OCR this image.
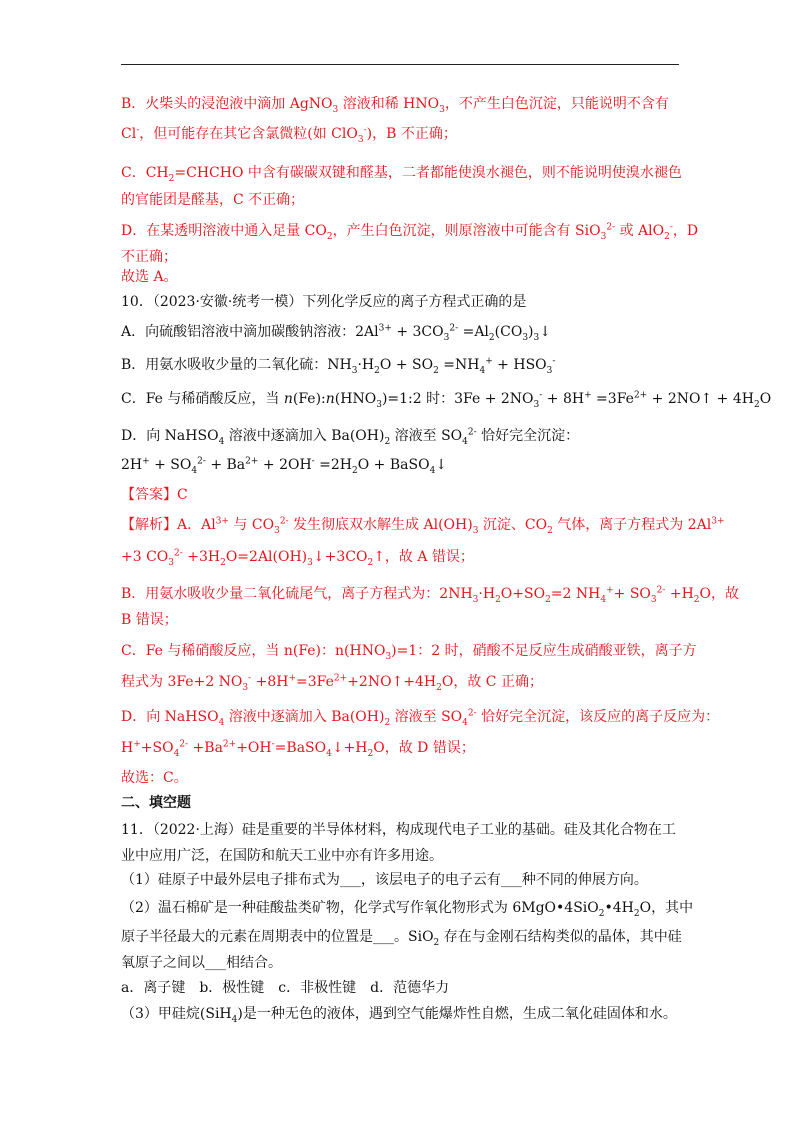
B．火柴头的浸泡液中滴加 AgNO$_3$ 溶液和稀 $HNO_3$，不产生白色沉淀，只能说明不含有
Cl-，但可能存在其它含氯微粒(如 ClO$_3$-)，B 不正确；
C．$CH_2=CHCHO$ 中含有碳碳双键和醛基，二者都能使溴水褪色，则不能说明使溴水褪色
的官能团是醛基，C 不正确；
D．在某透明溶液中通入足量 $CO_2$，产生白色沉淀，则原溶液中可能含有 SiO$_3^{2-}$ 或 AlO$_2$-，D
不正确；
故选 A。
10．（2023·安徽·统考一模）下列化学反应的离子方程式正确的是
A．向硫酸铝溶液中滴加碳酸钠溶液：$2Al^{3+} + 3CO_3^{2-}$ $=Al_2(CO_3)_3↓$
B．用氨水吸收少量的二氧化硫：$NH_3\cdot H_2O + SO_2 =NH_4^+ + HSO_3^-$
C．Fe 与稀硝酸反应，当 $n(Fe):n(HNO_3)=1:2$ 时：$3Fe + 2NO_3^- + 8H^+ =3Fe^{2+}$ + 2NO↑ + $4H_2O$
D．向 NaHSO$_4$ 溶液中逐滴加入 $Ba(OH)_2$ 溶液至 $SO_4^{2-}$ 恰好完全沉淀：
$2H^+ + SO_4^{2-} + Ba^{2+} + 2OH^- =2H_2O$ + BaSO$_4$↓
【答案】C
【解析】A．$Al^{3+}$ 与 $CO_3^{2-}$ 发生彻底双水解生成 $Al(OH)_3$ 沉淀、$CO_2$ 气体，离子方程式为 $2Al^{3+}$
+3 $CO_3^{2-}$ $+3H_2O=2Al(OH)_3↓+3CO_2↑$，故 A 错误；
B．用氨水吸收少量二氧化硫尾气，离子方程式为：$2NH_3\cdot H_2O+SO_2=2$ $NH_4^++ SO_3^{2-} +H_2O$，故
B 错误；
C．Fe 与稀硝酸反应，当 n(Fe)：$n(HNO_3)=1$：2 时，硝酸不足反应生成硝酸亚铁，离子方
程式为 3Fe+2 $NO_3^-$ $+8H^+=3Fe^{2+}+2NO↑+4H_2O$，故 C 正确；
D．向 NaHSO$_4$ 溶液中逐滴加入 $Ba(OH)_2$ 溶液至 $SO_4^{2-}$ 恰好完全沉淀，该反应的离子反应为：
$H^++SO_4^{2-}$ $+Ba^{2+}+OH^-=BaSO_4↓+H_2O$，故 D 错误；
故选：C。
二、填空题
11．（2022·上海）硅是重要的半导体材料，构成现代电子工业的基础。硅及其化合物在工
业中应用广泛，在国防和航天工业中亦有许多用途。
（1）硅原子中最外层电子排布式为___，该层电子的电子云有___种不同的伸展方向。
（2）温石棉矿是一种硅酸盐类矿物，化学式写作氧化物形式为 $6MgO•4SiO_2•4H_2O$，其中
原子半径最大的元素在周期表中的位置是___。SiO$_2$ 存在与金刚石结构类似的晶体，其中硅
氧原子之间以___相结合。
a．离子键　b．极性键　c．非极性键　d．范德华力
（3）甲硅烷(SiH$_4$)是一种无色的液体，遇到空气能爆炸性自燃，生成二氧化硅固体和水。
